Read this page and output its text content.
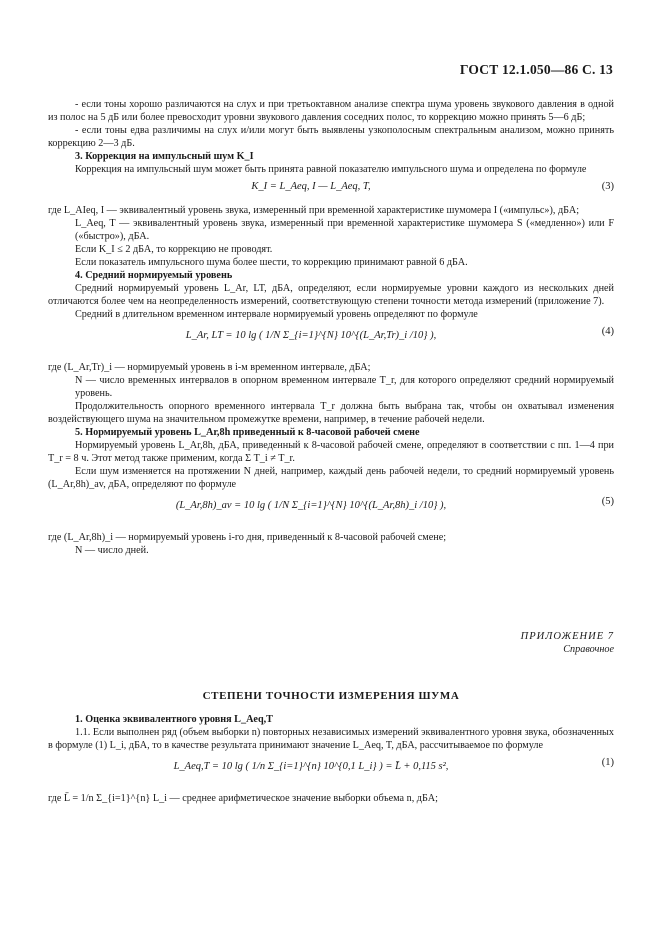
ГОСТ 12.1.050—86 С. 13

- если тоны хорошо различаются на слух и при третьоктавном анализе спектра шума уровень звукового давления в одной из полос на 5 дБ или более превосходит уровни звукового давления соседних полос, то коррекцию можно принять 5—6 дБ;

- если тоны едва различимы на слух и/или могут быть выявлены узкополосным спектральным анализом, можно принять коррекцию 2—3 дБ.

3. Коррекция на импульсный шум K_I

Коррекция на импульсный шум может быть принята равной показателю импульсного шума и определена по формуле

K_I = L_Aeq, I — L_Aeq, T,	(3)

где L_AIeq, I — эквивалентный уровень звука, измеренный при временной характеристике шумомера I («импульс»), дБА;

L_Aeq, T — эквивалентный уровень звука, измеренный при временной характеристике шумомера S («медленно») или F («быстро»), дБА.

Если K_I ≤ 2 дБА, то коррекцию не проводят.

Если показатель импульсного шума более шести, то коррекцию принимают равной 6 дБА.

4. Средний нормируемый уровень

Средний нормируемый уровень L_Ar, LT, дБА, определяют, если нормируемые уровни каждого из нескольких дней отличаются более чем на неопределенность измерений, соответствующую степени точности метода измерений (приложение 7).

Средний в длительном временном интервале нормируемый уровень определяют по формуле

L_Ar, LT = 10 lg ( 1/N Σ_{i=1}^{N} 10^{(L_Ar,Tr)_i /10} ),	(4)

где (L_Ar,Tr)_i — нормируемый уровень в i-м временном интервале, дБА;

N — число временных интервалов в опорном временном интервале T_r, для которого определяют средний нормируемый уровень.

Продолжительность опорного временного интервала T_r должна быть выбрана так, чтобы он охватывал изменения воздействующего шума на значительном промежутке времени, например, в течение рабочей недели.

5. Нормируемый уровень L_Ar,8h приведенный к 8-часовой рабочей смене

Нормируемый уровень L_Ar,8h, дБА, приведенный к 8-часовой рабочей смене, определяют в соответствии с пп. 1—4 при T_r = 8 ч. Этот метод также применим, когда Σ T_i ≠ T_r.

Если шум изменяется на протяжении N дней, например, каждый день рабочей недели, то средний нормируемый уровень (L_Ar,8h)_av, дБА, определяют по формуле

(L_Ar,8h)_av = 10 lg ( 1/N Σ_{i=1}^{N} 10^{(L_Ar,8h)_i /10} ),	(5)

где (L_Ar,8h)_i — нормируемый уровень i-го дня, приведенный к 8-часовой рабочей смене;

N — число дней.

ПРИЛОЖЕНИЕ 7

Справочное

СТЕПЕНИ ТОЧНОСТИ ИЗМЕРЕНИЯ ШУМА

1. Оценка эквивалентного уровня L_Aeq,T

1.1. Если выполнен ряд (объем выборки n) повторных независимых измерений эквивалентного уровня звука, обозначенных в формуле (1) L_i, дБА, то в качестве результата принимают значение L_Aeq, T, дБА, рассчитываемое по формуле

L_Aeq,T = 10 lg ( 1/n Σ_{i=1}^{n} 10^{0,1 L_i} ) = L̄ + 0,115 s²,	(1)

где L̄ = 1/n Σ_{i=1}^{n} L_i — среднее арифметическое значение выборки объема n, дБА;
